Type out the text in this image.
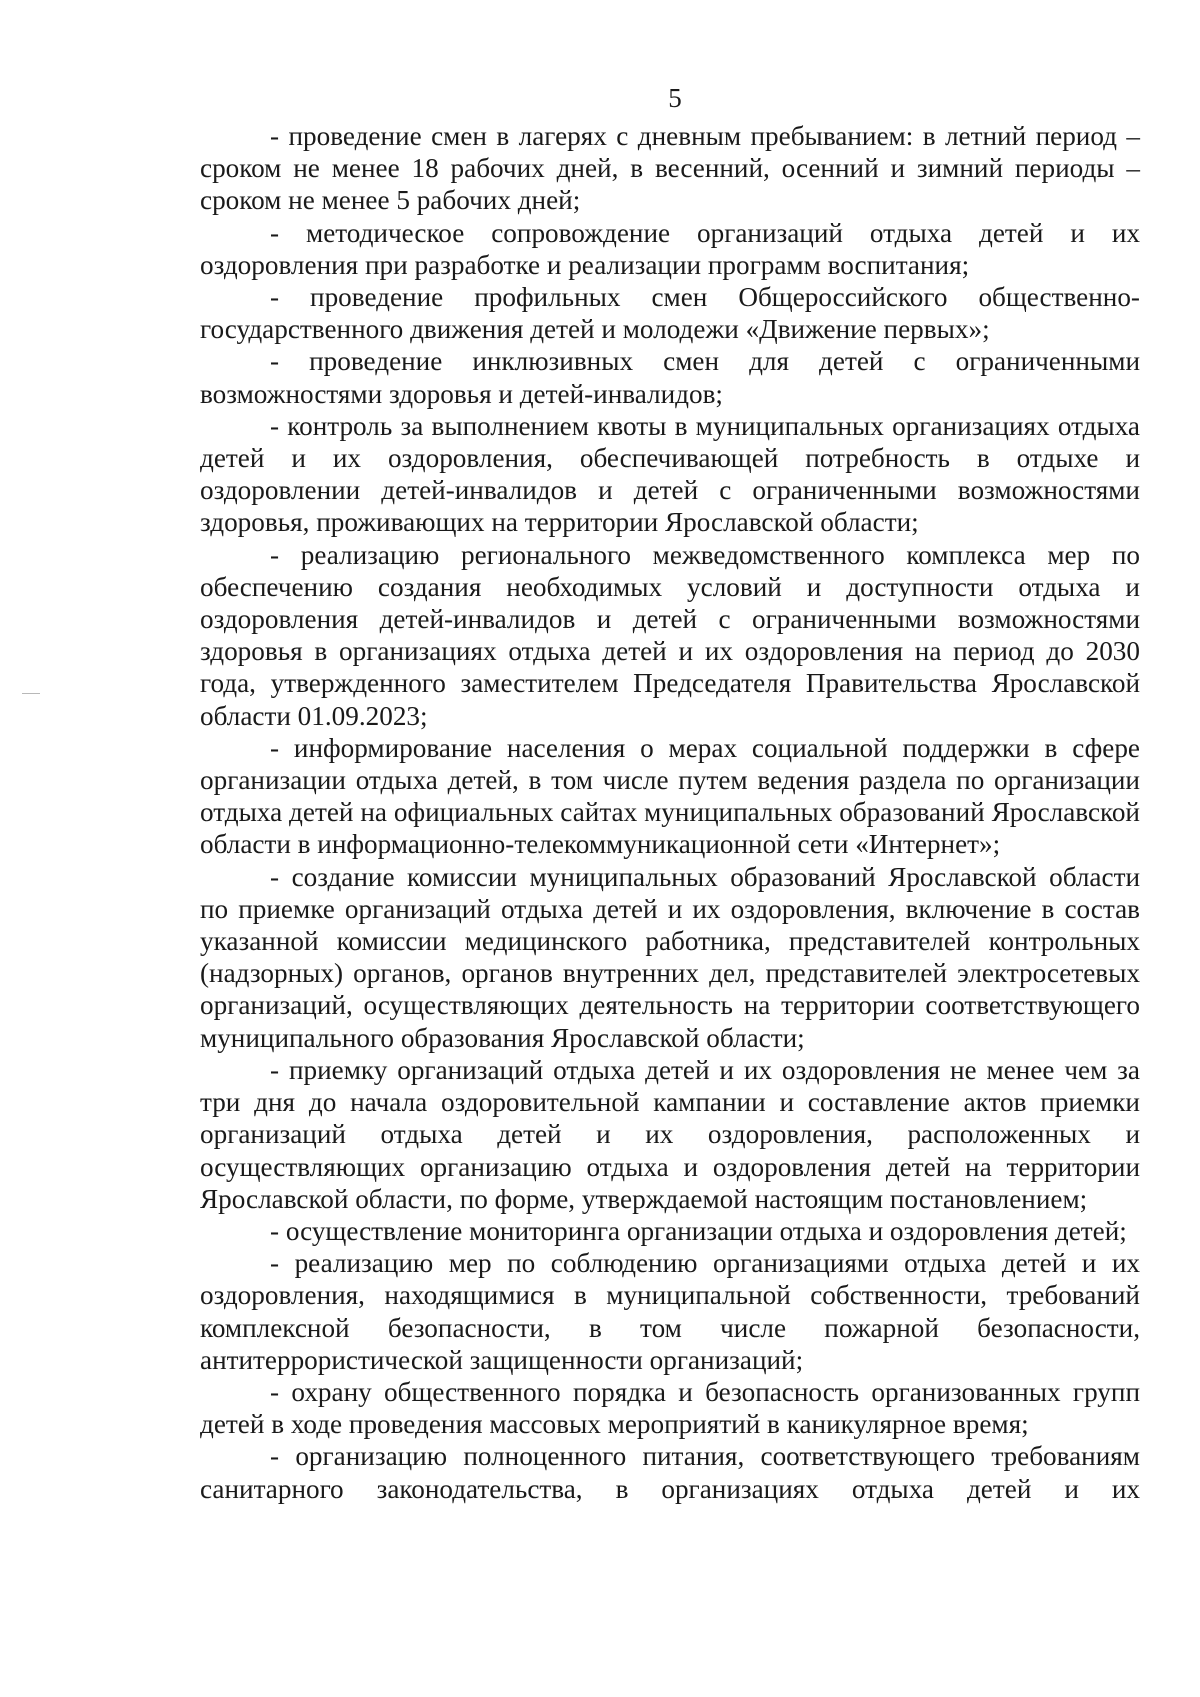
5

- проведение смен в лагерях с дневным пребыванием: в летний период – сроком не менее 18 рабочих дней, в весенний, осенний и зимний периоды – сроком не менее 5 рабочих дней;

- методическое сопровождение организаций отдыха детей и их оздоровления при разработке и реализации программ воспитания;

- проведение профильных смен Общероссийского общественно-государственного движения детей и молодежи «Движение первых»;

- проведение инклюзивных смен для детей с ограниченными возможностями здоровья и детей-инвалидов;

- контроль за выполнением квоты в муниципальных организациях отдыха детей и их оздоровления, обеспечивающей потребность в отдыхе и оздоровлении детей-инвалидов и детей с ограниченными возможностями здоровья, проживающих на территории Ярославской области;

- реализацию регионального межведомственного комплекса мер по обеспечению создания необходимых условий и доступности отдыха и оздоровления детей-инвалидов и детей с ограниченными возможностями здоровья в организациях отдыха детей и их оздоровления на период до 2030 года, утвержденного заместителем Председателя Правительства Ярославской области 01.09.2023;

- информирование населения о мерах социальной поддержки в сфере организации отдыха детей, в том числе путем ведения раздела по организации отдыха детей на официальных сайтах муниципальных образований Ярославской области в информационно-телекоммуникационной сети «Интернет»;

- создание комиссии муниципальных образований Ярославской области по приемке организаций отдыха детей и их оздоровления, включение в состав указанной комиссии медицинского работника, представителей контрольных (надзорных) органов, органов внутренних дел, представителей электросетевых организаций, осуществляющих деятельность на территории соответствующего муниципального образования Ярославской области;

- приемку организаций отдыха детей и их оздоровления не менее чем за три дня до начала оздоровительной кампании и составление актов приемки организаций отдыха детей и их оздоровления, расположенных и осуществляющих организацию отдыха и оздоровления детей на территории Ярославской области, по форме, утверждаемой настоящим постановлением;

- осуществление мониторинга организации отдыха и оздоровления детей;

- реализацию мер по соблюдению организациями отдыха детей и их оздоровления, находящимися в муниципальной собственности, требований комплексной безопасности, в том числе пожарной безопасности, антитеррористической защищенности организаций;

- охрану общественного порядка и безопасность организованных групп детей в ходе проведения массовых мероприятий в каникулярное время;

- организацию полноценного питания, соответствующего требованиям санитарного законодательства, в организациях отдыха детей и их
